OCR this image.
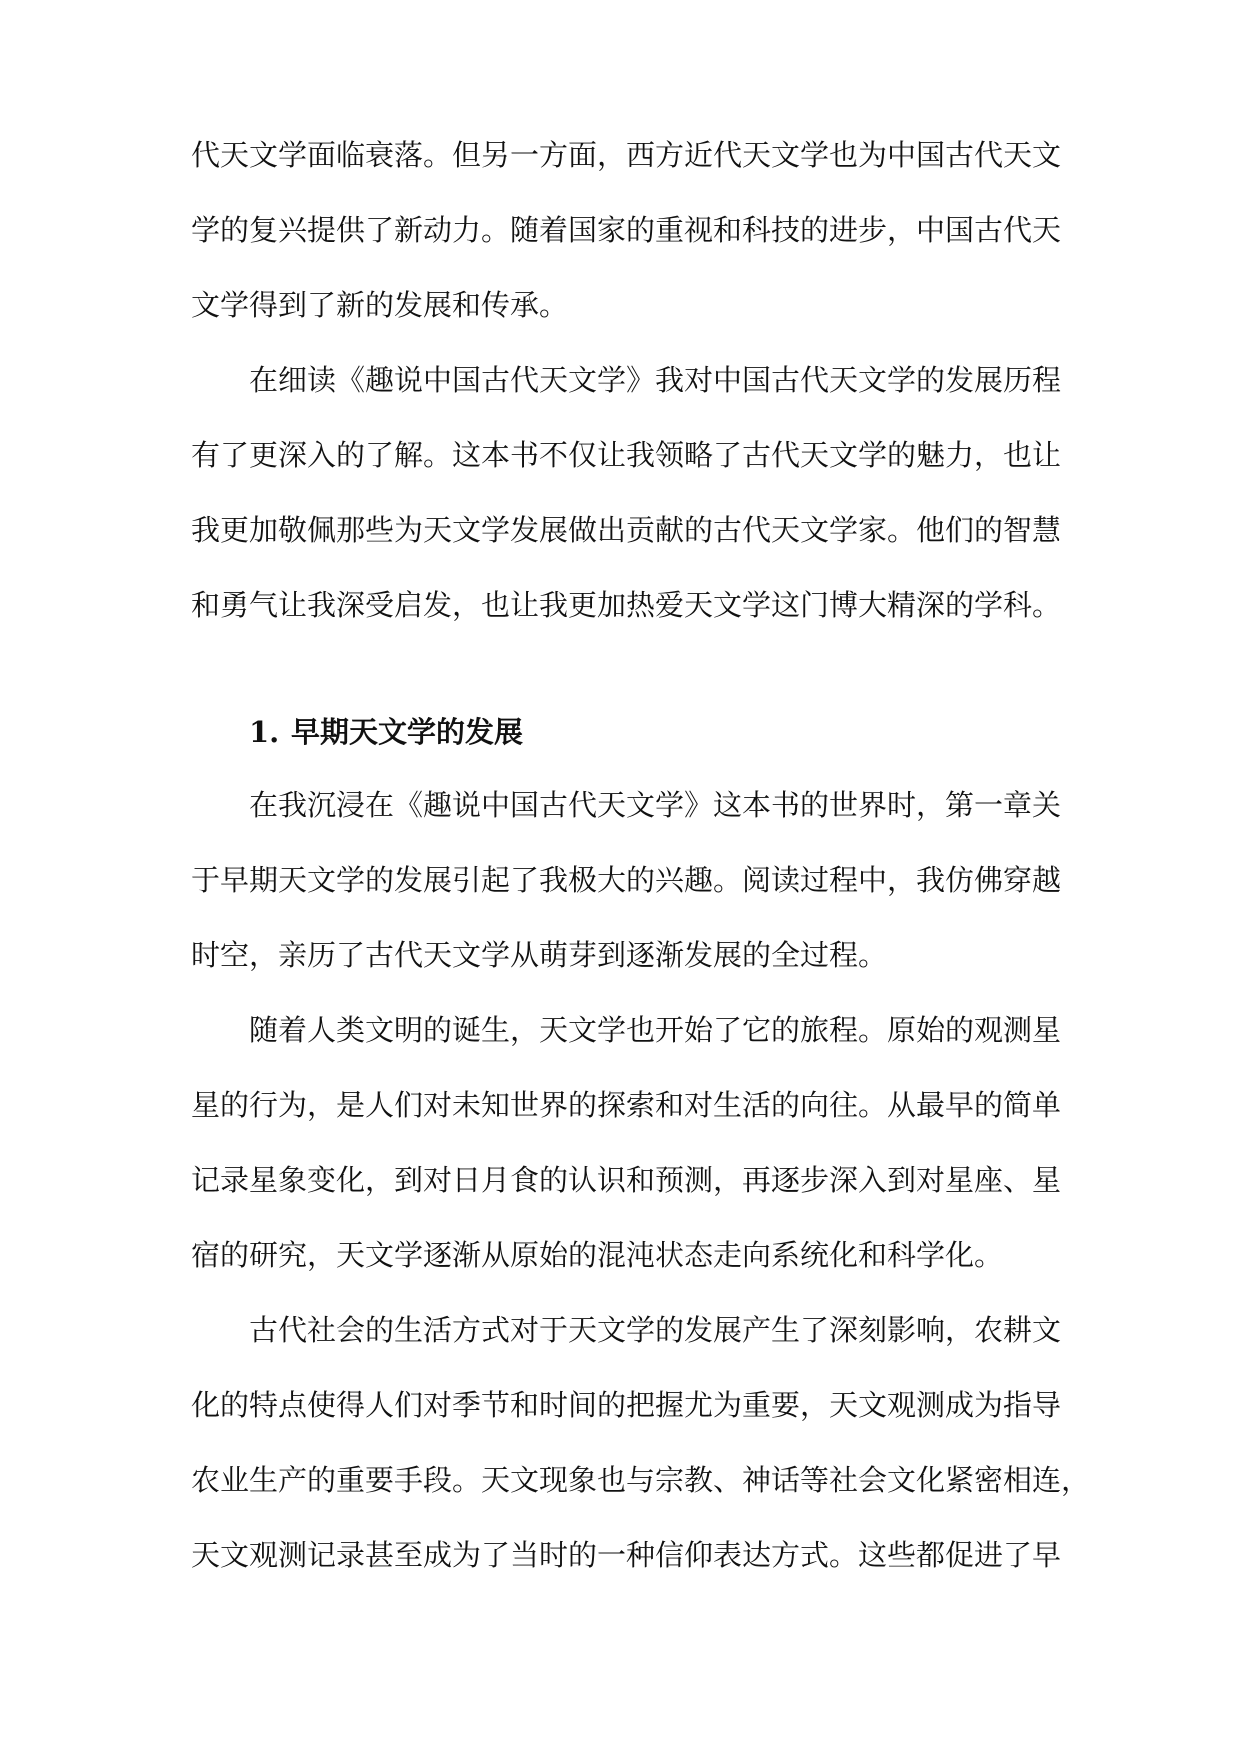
代天文学面临衰落。但另一方面，西方近代天文学也为中国古代天文
学的复兴提供了新动力。随着国家的重视和科技的进步，中国古代天
文学得到了新的发展和传承。
在细读《趣说中国古代天文学》我对中国古代天文学的发展历程
有了更深入的了解。这本书不仅让我领略了古代天文学的魅力，也让
我更加敬佩那些为天文学发展做出贡献的古代天文学家。他们的智慧
和勇气让我深受启发，也让我更加热爱天文学这门博大精深的学科。
1. 早期天文学的发展
在我沉浸在《趣说中国古代天文学》这本书的世界时，第一章关
于早期天文学的发展引起了我极大的兴趣。阅读过程中，我仿佛穿越
时空，亲历了古代天文学从萌芽到逐渐发展的全过程。
随着人类文明的诞生，天文学也开始了它的旅程。原始的观测星
星的行为，是人们对未知世界的探索和对生活的向往。从最早的简单
记录星象变化，到对日月食的认识和预测，再逐步深入到对星座、星
宿的研究，天文学逐渐从原始的混沌状态走向系统化和科学化。
古代社会的生活方式对于天文学的发展产生了深刻影响，农耕文
化的特点使得人们对季节和时间的把握尤为重要，天文观测成为指导
农业生产的重要手段。天文现象也与宗教、神话等社会文化紧密相连，
天文观测记录甚至成为了当时的一种信仰表达方式。这些都促进了早
